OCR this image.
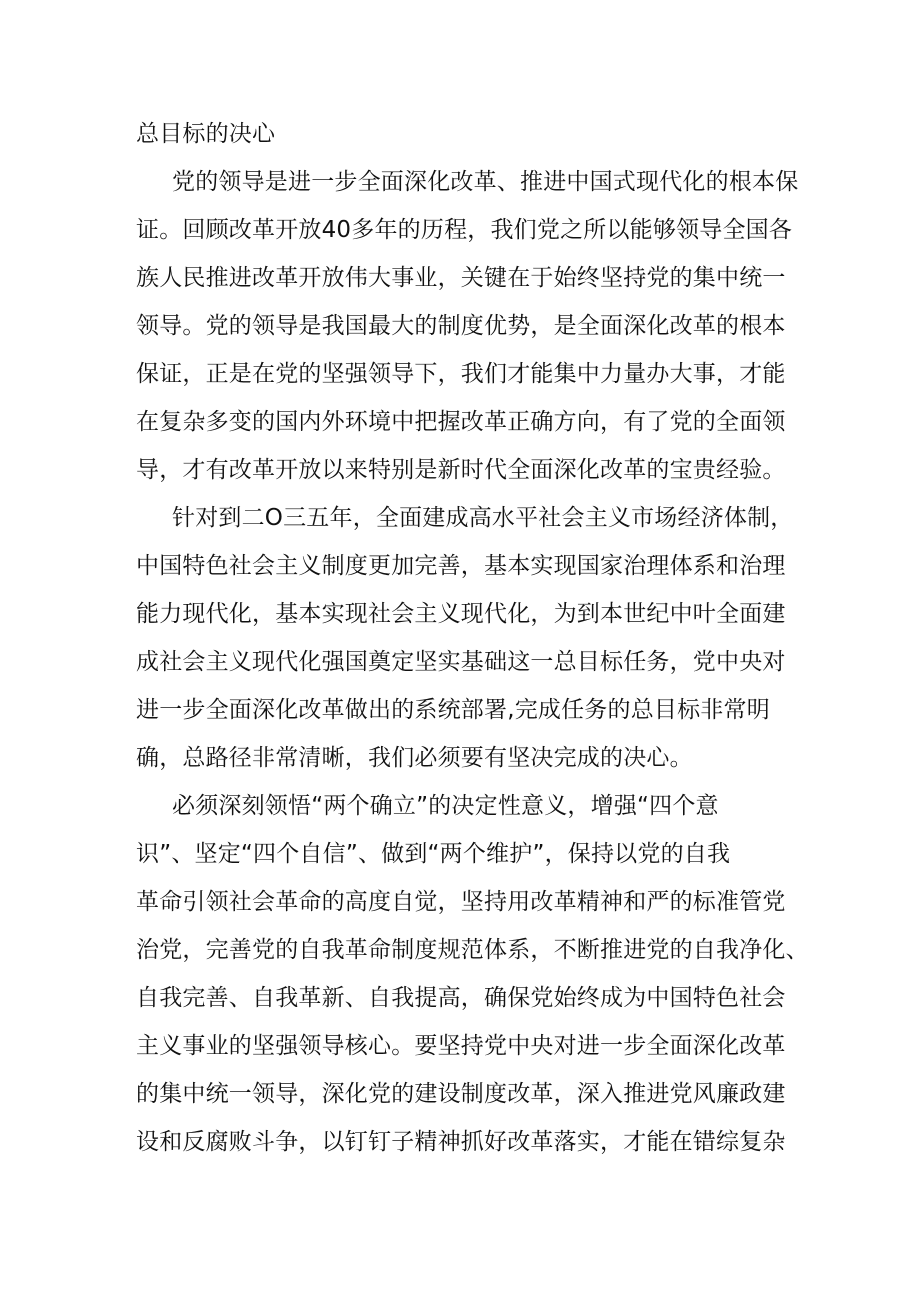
总目标的决心
党的领导是进一步全面深化改革、推进中国式现代化的根本保
证。回顾改革开放40多年的历程，我们党之所以能够领导全国各
族人民推进改革开放伟大事业，关键在于始终坚持党的集中统一
领导。党的领导是我国最大的制度优势，是全面深化改革的根本
保证，正是在党的坚强领导下，我们才能集中力量办大事，才能
在复杂多变的国内外环境中把握改革正确方向，有了党的全面领
导，才有改革开放以来特别是新时代全面深化改革的宝贵经验。
针对到二O三五年，全面建成高水平社会主义市场经济体制，
中国特色社会主义制度更加完善，基本实现国家治理体系和治理
能力现代化，基本实现社会主义现代化，为到本世纪中叶全面建
成社会主义现代化强国奠定坚实基础这一总目标任务，党中央对
进一步全面深化改革做出的系统部署,完成任务的总目标非常明
确，总路径非常清晰，我们必须要有坚决完成的决心。
必须深刻领悟“两个确立”的决定性意义，增强“四个意
识”、坚定“四个自信”、做到“两个维护”，保持以党的自我
革命引领社会革命的高度自觉，坚持用改革精神和严的标准管党
治党，完善党的自我革命制度规范体系，不断推进党的自我净化、
自我完善、自我革新、自我提高，确保党始终成为中国特色社会
主义事业的坚强领导核心。要坚持党中央对进一步全面深化改革
的集中统一领导，深化党的建设制度改革，深入推进党风廉政建
设和反腐败斗争，以钉钉子精神抓好改革落实，才能在错综复杂
